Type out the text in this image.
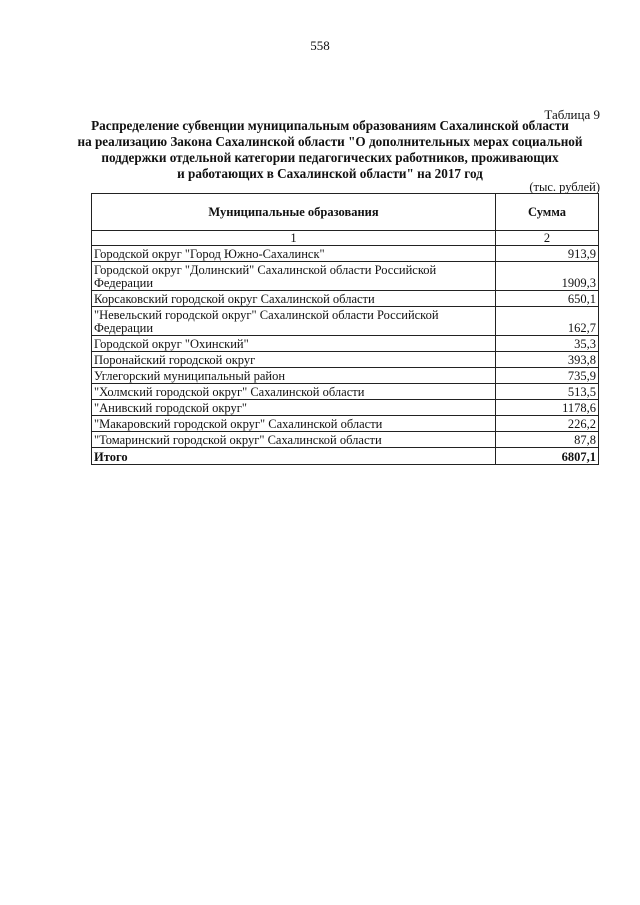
558
Таблица 9
Распределение субвенции муниципальным образованиям Сахалинской области
на реализацию Закона Сахалинской области "О дополнительных мерах социальной
поддержки отдельной категории педагогических работников, проживающих
и работающих в Сахалинской области" на 2017 год
(тыс. рублей)
Муниципальные образования	Сумма
1	2
Городской округ "Город Южно-Сахалинск"	913,9
Городской округ "Долинский" Сахалинской области Российской Федерации	1909,3
Корсаковский городской округ Сахалинской области	650,1
"Невельский городской округ" Сахалинской области Российской Федерации	162,7
Городской округ "Охинский"	35,3
Поронайский городской округ	393,8
Углегорский муниципальный район	735,9
"Холмский городской округ" Сахалинской области	513,5
"Анивский городской округ"	1178,6
"Макаровский городской округ" Сахалинской области	226,2
"Томаринский городской округ" Сахалинской области	87,8
Итого	6807,1
